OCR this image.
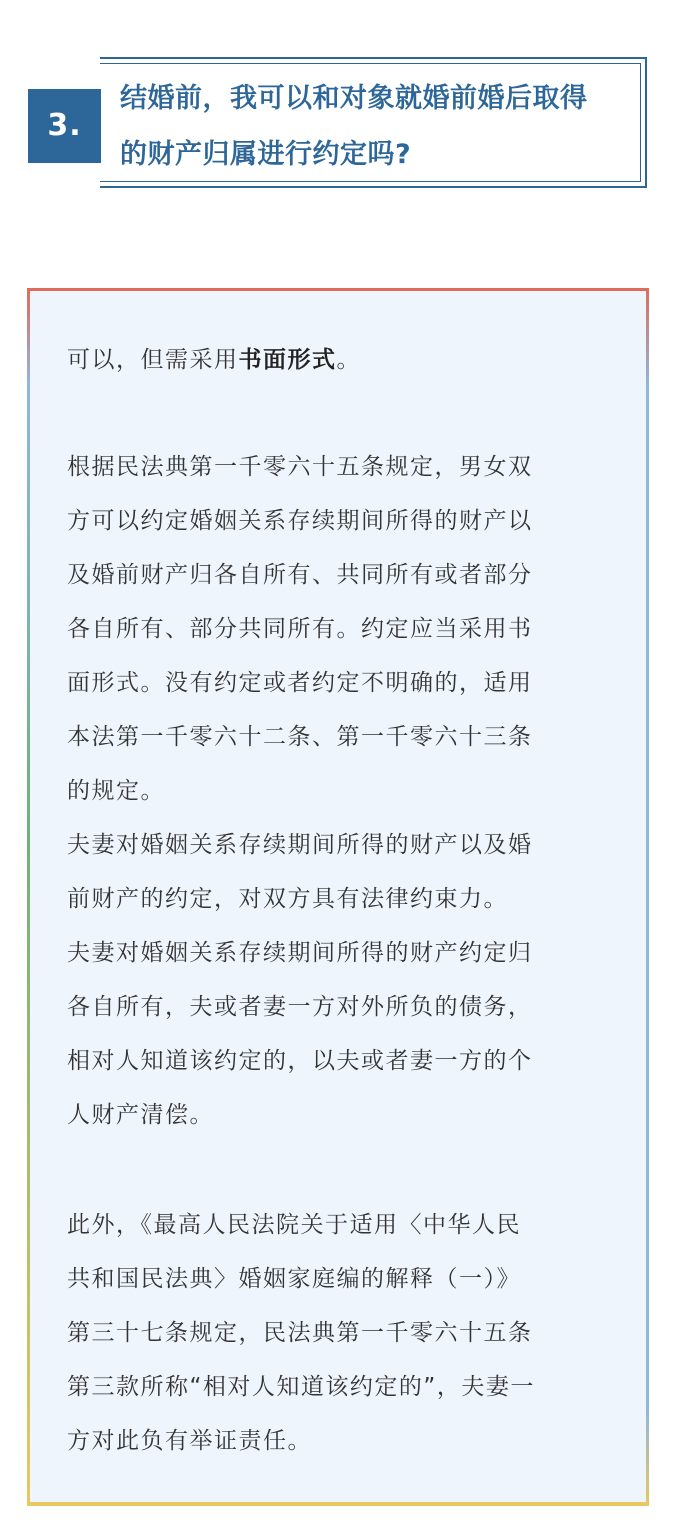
3.
结婚前，我可以和对象就婚前婚后取得
的财产归属进行约定吗?

可以，但需采用书面形式。

根据民法典第一千零六十五条规定，男女双
方可以约定婚姻关系存续期间所得的财产以
及婚前财产归各自所有、共同所有或者部分
各自所有、部分共同所有。约定应当采用书
面形式。没有约定或者约定不明确的，适用
本法第一千零六十二条、第一千零六十三条
的规定。
夫妻对婚姻关系存续期间所得的财产以及婚
前财产的约定，对双方具有法律约束力。
夫妻对婚姻关系存续期间所得的财产约定归
各自所有，夫或者妻一方对外所负的债务，
相对人知道该约定的，以夫或者妻一方的个
人财产清偿。

此外，《最高人民法院关于适用〈中华人民
共和国民法典〉婚姻家庭编的解释（一）》
第三十七条规定，民法典第一千零六十五条
第三款所称“相对人知道该约定的”，夫妻一
方对此负有举证责任。
